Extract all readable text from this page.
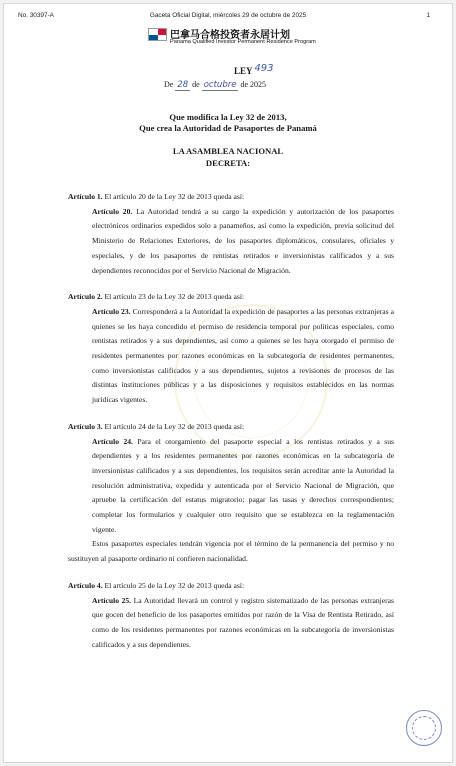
No. 30397-A	Gaceta Oficial Digital, miércoles 29 de octubre de 2025	1
巴拿马合格投资者永居计划
Panama Qualified Investor Permanent Residence Program
LEY 493
De 28 de octubre de 2025
Que modifica la Ley 32 de 2013,
Que crea la Autoridad de Pasaportes de Panamá
LA ASAMBLEA NACIONAL
DECRETA:
Artículo 1. El artículo 20 de la Ley 32 de 2013 queda así:
Artículo 20. La Autoridad tendrá a su cargo la expedición y autorización de los pasaportes electrónicos ordinarios expedidos solo a panameños, así como la expedición, previa solicitud del Ministerio de Relaciones Exteriores, de los pasaportes diplomáticos, consulares, oficiales y especiales, y de los pasaportes de rentistas retirados e inversionistas calificados y a sus dependientes reconocidos por el Servicio Nacional de Migración.
Artículo 2. El artículo 23 de la Ley 32 de 2013 queda así:
Artículo 23. Corresponderá a la Autoridad la expedición de pasaportes a las personas extranjeras a quienes se les haya concedido el permiso de residencia temporal por políticas especiales, como rentistas retirados y a sus dependientes, así como a quienes se les haya otorgado el permiso de residentes permanentes por razones económicas en la subcategoría de residentes permanentes, como inversionistas calificados y a sus dependientes, sujetos a revisiones de procesos de las distintas instituciones públicas y a las disposiciones y requisitos establecidos en las normas jurídicas vigentes.
Artículo 3. El artículo 24 de la Ley 32 de 2013 queda así:
Artículo 24. Para el otorgamiento del pasaporte especial a los rentistas retirados y a sus dependientes y a los residentes permanentes por razones económicas en la subcategoría de inversionistas calificados y a sus dependientes, los requisitos serán acreditar ante la Autoridad la resolución administrativa, expedida y autenticada por el Servicio Nacional de Migración, que apruebe la certificación del estatus migratorio; pagar las tasas y derechos correspondientes; completar los formularios y cualquier otro requisito que se establezca en la reglamentación vigente.
Estos pasaportes especiales tendrán vigencia por el término de la permanencia del permiso y no sustituyen al pasaporte ordinario ni confieren nacionalidad.
Artículo 4. El artículo 25 de la Ley 32 de 2013 queda así:
Artículo 25. La Autoridad llevará un control y registro sistematizado de las personas extranjeras que gocen del beneficio de los pasaportes emitidos por razón de la Visa de Rentista Retirado, así como de los residentes permanentes por razones económicas en la subcategoría de inversionistas calificados y a sus dependientes.
